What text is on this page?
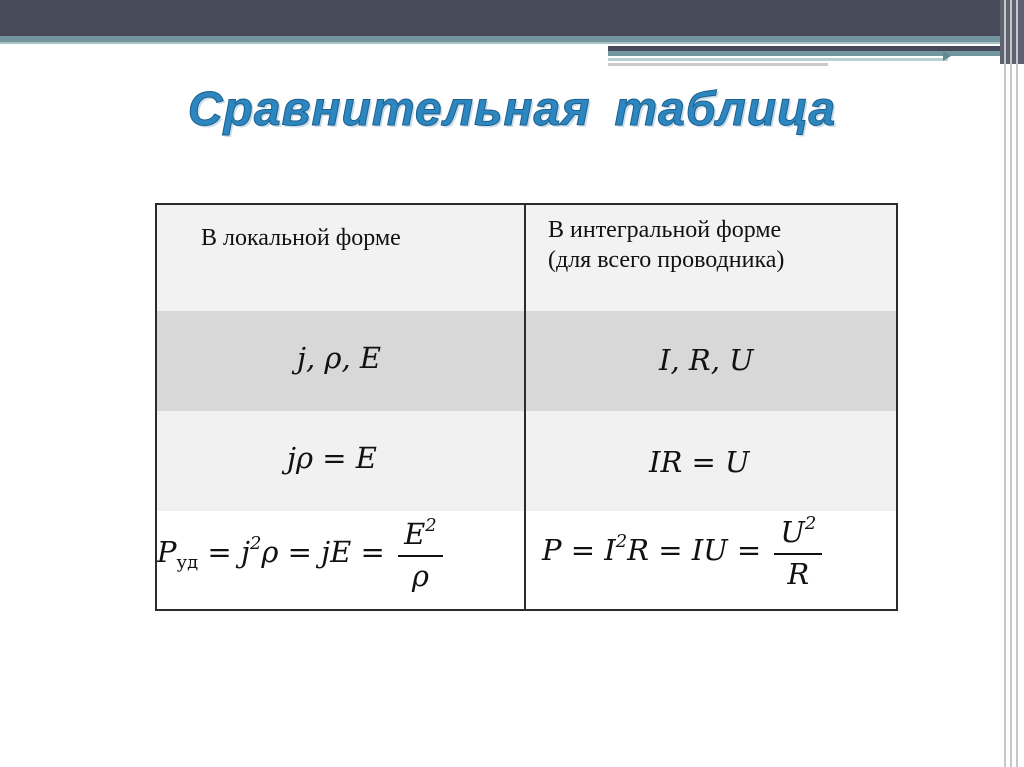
Сравнительная таблица
В локальной форме
j, ρ, E
jρ = E
$P_{уд} = j^2\rho$ = jE = $\frac{E^2}{\rho}$
В интегральной форме
(для всего проводника)
I, R, U
IR = U
$P = I^2R$ = IU = $\frac{U^2}{R}$
